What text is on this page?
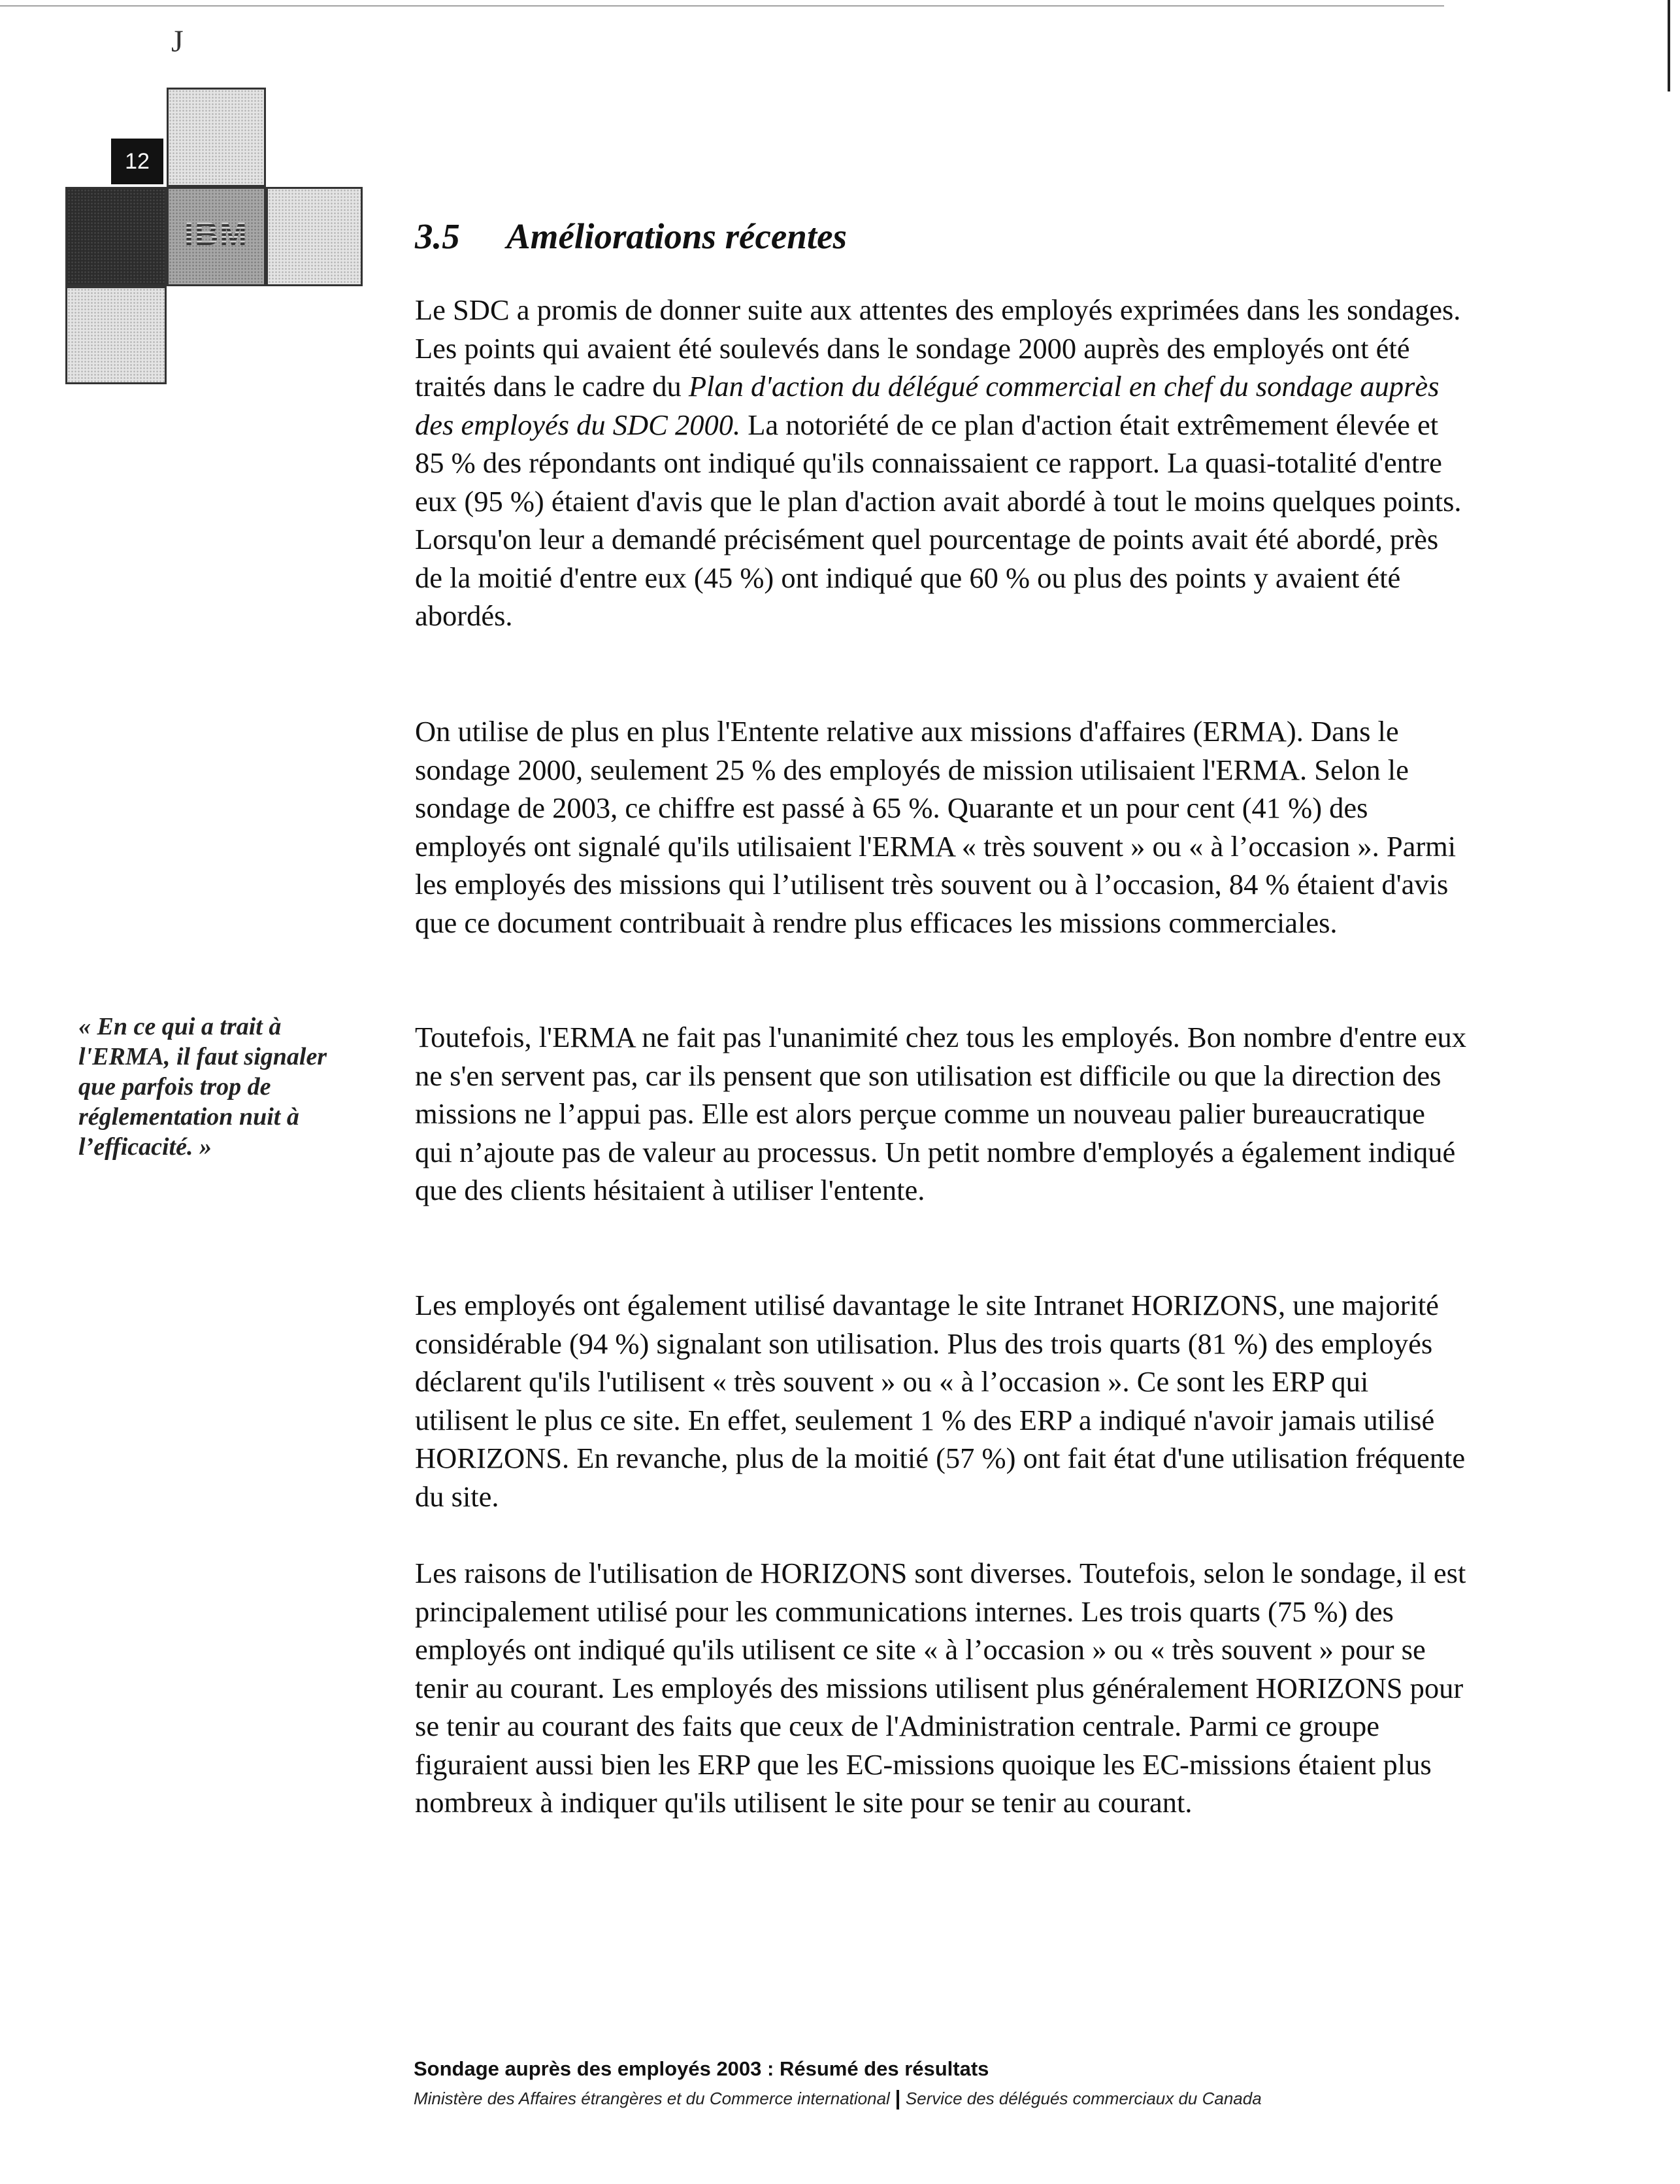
J
12
IBM	3.5 Améliorations récentes

Le SDC a promis de donner suite aux attentes des employés exprimées dans les sondages. Les points qui avaient été soulevés dans le sondage 2000 auprès des employés ont été traités dans le cadre du Plan d'action du délégué commercial en chef du sondage auprès des employés du SDC 2000. La notoriété de ce plan d'action était extrêmement élevée et 85 % des répondants ont indiqué qu'ils connaissaient ce rapport. La quasi-totalité d'entre eux (95 %) étaient d'avis que le plan d'action avait abordé à tout le moins quelques points. Lorsqu'on leur a demandé précisément quel pourcentage de points avait été abordé, près de la moitié d'entre eux (45 %) ont indiqué que 60 % ou plus des points y avaient été abordés.

On utilise de plus en plus l'Entente relative aux missions d'affaires (ERMA). Dans le sondage 2000, seulement 25 % des employés de mission utilisaient l'ERMA. Selon le sondage de 2003, ce chiffre est passé à 65 %. Quarante et un pour cent (41 %) des employés ont signalé qu'ils utilisaient l'ERMA « très souvent » ou « à l’occasion ». Parmi les employés des missions qui l’utilisent très souvent ou à l’occasion, 84 % étaient d'avis que ce document contribuait à rendre plus efficaces les missions commerciales.

Toutefois, l'ERMA ne fait pas l'unanimité chez tous les employés. Bon nombre d'entre eux ne s'en servent pas, car ils pensent que son utilisation est difficile ou que la direction des missions ne l’appui pas. Elle est alors perçue comme un nouveau palier bureaucratique qui n’ajoute pas de valeur au processus. Un petit nombre d'employés a également indiqué que des clients hésitaient à utiliser l'entente.

Les employés ont également utilisé davantage le site Intranet HORIZONS, une majorité considérable (94 %) signalant son utilisation. Plus des trois quarts (81 %) des employés déclarent qu'ils l'utilisent « très souvent » ou « à l’occasion ». Ce sont les ERP qui utilisent le plus ce site. En effet, seulement 1 % des ERP a indiqué n'avoir jamais utilisé HORIZONS. En revanche, plus de la moitié (57 %) ont fait état d'une utilisation fréquente du site.

Les raisons de l'utilisation de HORIZONS sont diverses. Toutefois, selon le sondage, il est principalement utilisé pour les communications internes. Les trois quarts (75 %) des employés ont indiqué qu'ils utilisent ce site « à l’occasion » ou « très souvent » pour se tenir au courant. Les employés des missions utilisent plus généralement HORIZONS pour se tenir au courant des faits que ceux de l'Administration centrale. Parmi ce groupe figuraient aussi bien les ERP que les EC-missions quoique les EC-missions étaient plus nombreux à indiquer qu'ils utilisent le site pour se tenir au courant.

« En ce qui a trait à l'ERMA, il faut signaler que parfois trop de réglementation nuit à l’efficacité. »
Sondage auprès des employés 2003 : Résumé des résultats
Ministère des Affaires étrangères et du Commerce international Service des délégués commerciaux du Canada
